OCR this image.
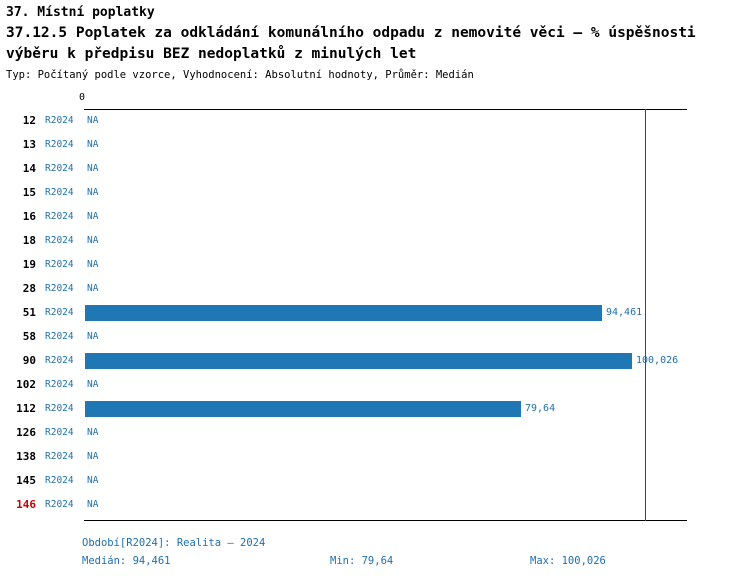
37. Místní poplatky
37.12.5 Poplatek za odkládání komunálního odpadu z nemovité věci – % úspěšnosti výběru k předpisu BEZ nedoplatků z minulých let
Typ: Počítaný podle vzorce, Vyhodnocení: Absolutní hodnoty, Průměr: Medián
0
12 R2024 NA
13 R2024 NA
14 R2024 NA
15 R2024 NA
16 R2024 NA
18 R2024 NA
19 R2024 NA
28 R2024 NA
51 R2024	94,461
58 R2024 NA
90 R2024	100,026
102 R2024 NA
112 R2024	79,64
126 R2024 NA
138 R2024 NA
145 R2024 NA
146 R2024 NA
Období[R2024]: Realita – 2024
Medián: 94,461	Min: 79,64	Max: 100,026
